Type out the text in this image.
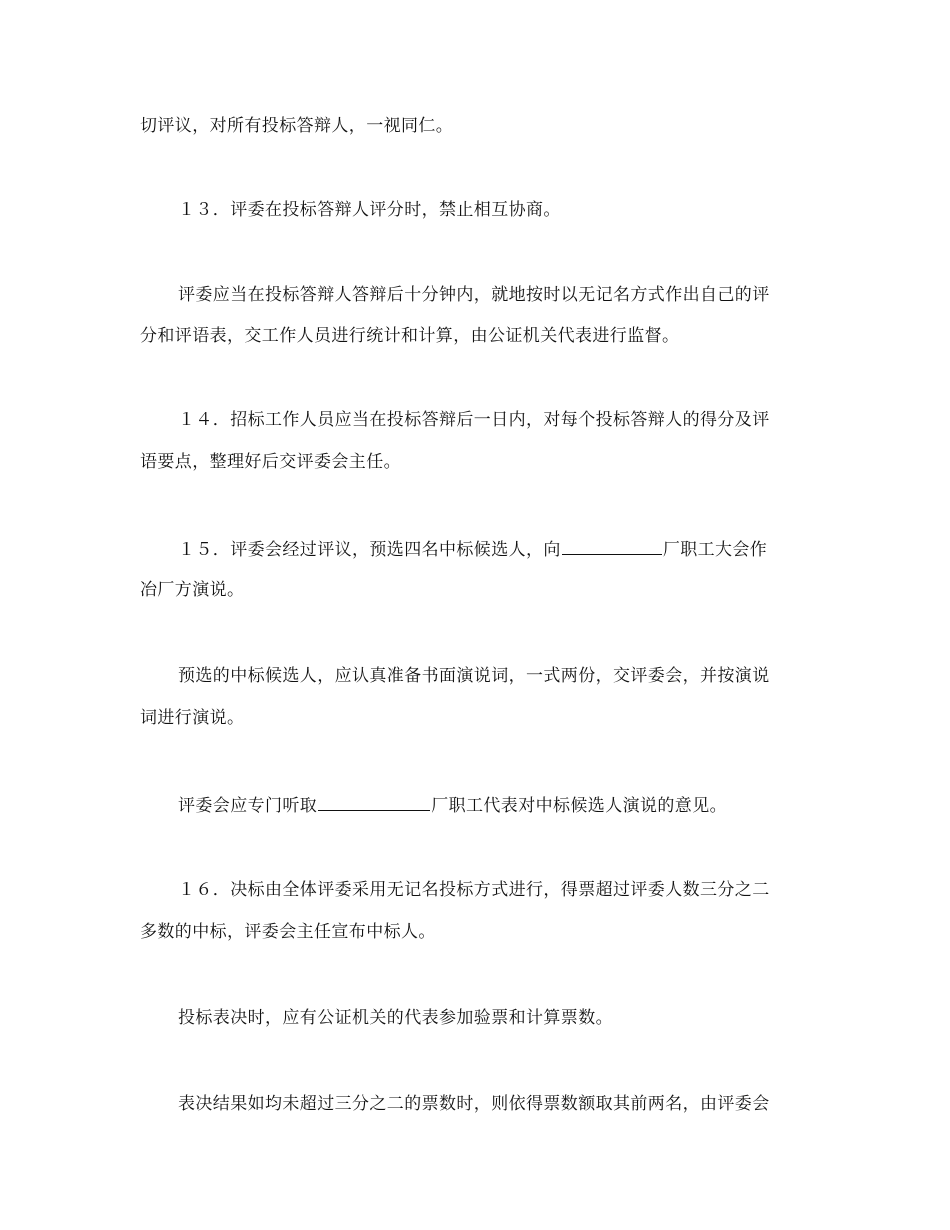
切评议，对所有投标答辩人，一视同仁。
１３．评委在投标答辩人评分时，禁止相互协商。
评委应当在投标答辩人答辩后十分钟内，就地按时以无记名方式作出自己的评
分和评语表，交工作人员进行统计和计算，由公证机关代表进行监督。
１４．招标工作人员应当在投标答辩后一日内，对每个投标答辩人的得分及评
语要点，整理好后交评委会主任。
１５．评委会经过评议，预选四名中标候选人，向	厂职工大会作
冶厂方演说。
预选的中标候选人，应认真准备书面演说词，一式两份，交评委会，并按演说
词进行演说。
评委会应专门听取	厂职工代表对中标候选人演说的意见。
１６．决标由全体评委采用无记名投标方式进行，得票超过评委人数三分之二
多数的中标，评委会主任宣布中标人。
投标表决时，应有公证机关的代表参加验票和计算票数。
表决结果如均未超过三分之二的票数时，则依得票数额取其前两名，由评委会
